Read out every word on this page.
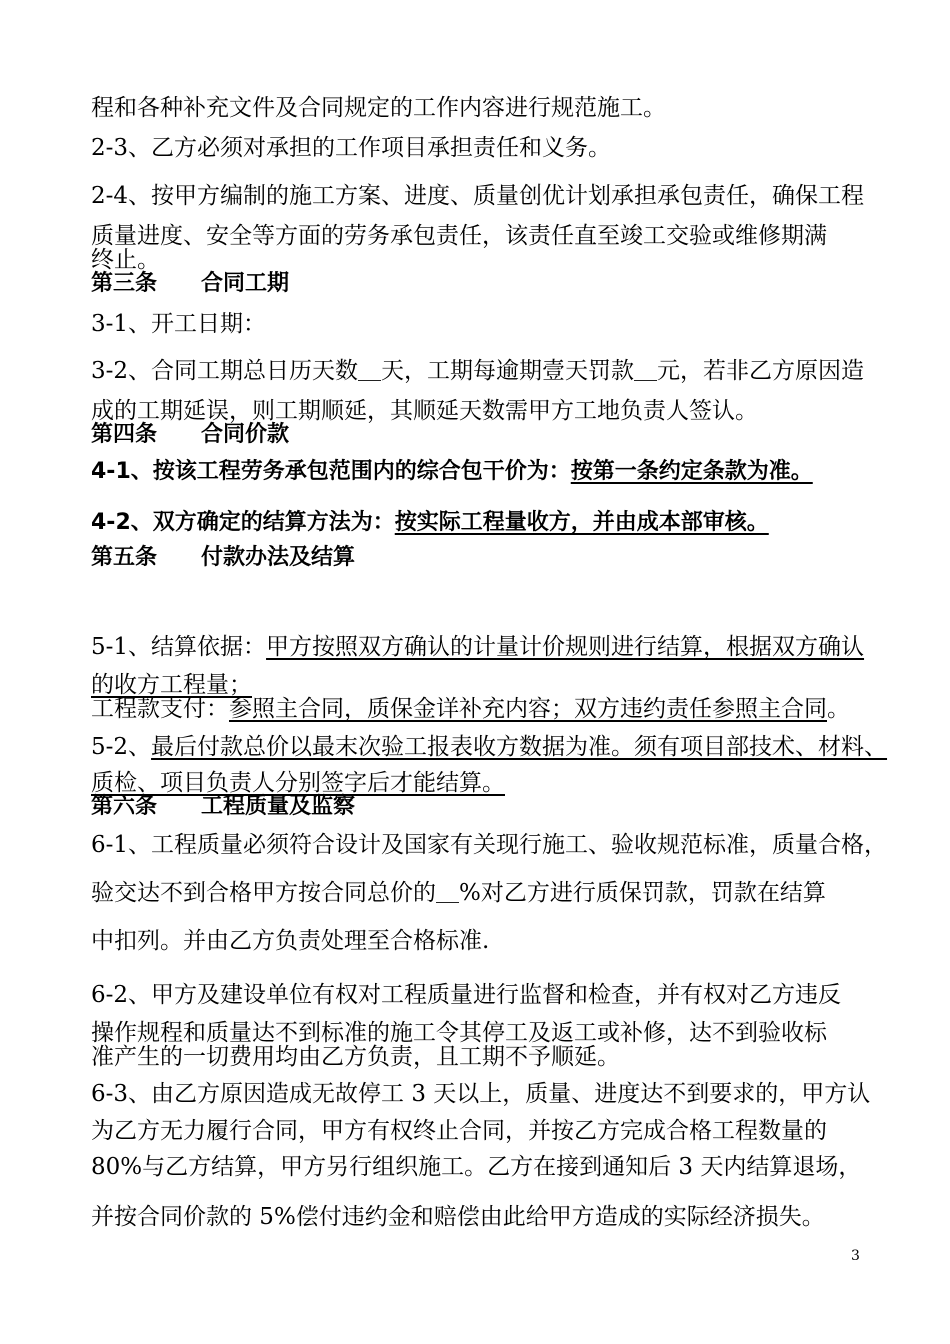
程和各种补充文件及合同规定的工作内容进行规范施工。
2-3、乙方必须对承担的工作项目承担责任和义务。
2-4、按甲方编制的施工方案、进度、质量创优计划承担承包责任，确保工程
质量进度、安全等方面的劳务承包责任，该责任直至竣工交验或维修期满
终止。
第三条　　合同工期
3-1、开工日期：
3-2、合同工期总日历天数＿天，工期每逾期壹天罚款＿元，若非乙方原因造
成的工期延误，则工期顺延，其顺延天数需甲方工地负责人签认。
第四条　　合同价款
4-1、按该工程劳务承包范围内的综合包干价为：按第一条约定条款为准。
4-2、双方确定的结算方法为：按实际工程量收方，并由成本部审核。
第五条　　付款办法及结算
5-1、结算依据：甲方按照双方确认的计量计价规则进行结算，根据双方确认
的收方工程量；
工程款支付：参照主合同，质保金详补充内容；双方违约责任参照主合同。
5-2、最后付款总价以最末次验工报表收方数据为准。须有项目部技术、材料、
质检、项目负责人分别签字后才能结算。
第六条　　工程质量及监察
6-1、工程质量必须符合设计及国家有关现行施工、验收规范标准，质量合格，
验交达不到合格甲方按合同总价的＿%对乙方进行质保罚款，罚款在结算
中扣列。并由乙方负责处理至合格标准.
6-2、甲方及建设单位有权对工程质量进行监督和检查，并有权对乙方违反
操作规程和质量达不到标准的施工令其停工及返工或补修，达不到验收标
准产生的一切费用均由乙方负责，且工期不予顺延。
6-3、由乙方原因造成无故停工 3 天以上，质量、进度达不到要求的，甲方认
为乙方无力履行合同，甲方有权终止合同，并按乙方完成合格工程数量的
80%与乙方结算，甲方另行组织施工。乙方在接到通知后 3 天内结算退场，
并按合同价款的 5%偿付违约金和赔偿由此给甲方造成的实际经济损失。
3
